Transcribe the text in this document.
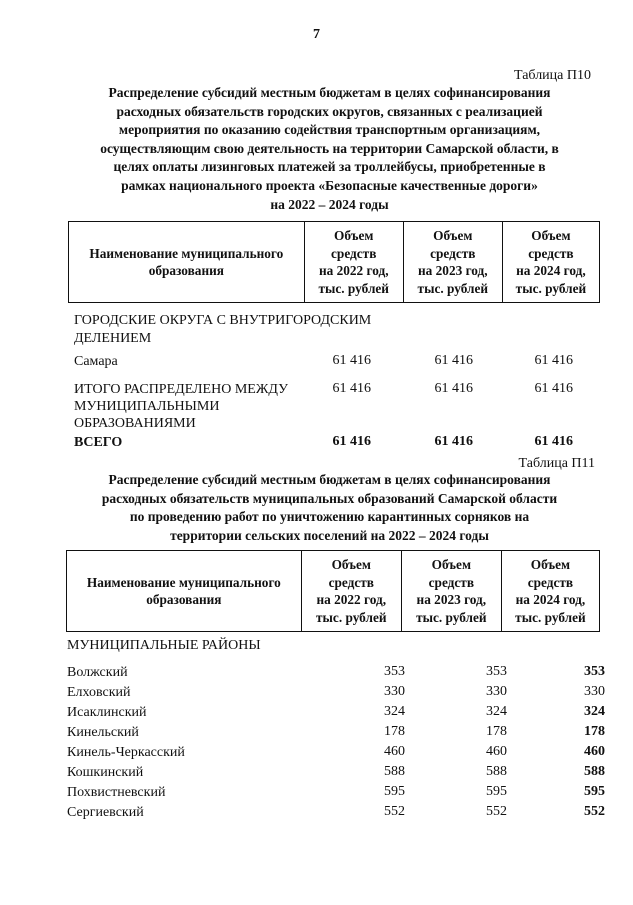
7
Таблица П10
Распределение субсидий местным бюджетам в целях софинансирования
расходных обязательств городских округов, связанных с реализацией
мероприятия по оказанию содействия транспортным организациям,
осуществляющим свою деятельность на территории Самарской области, в
целях оплаты лизинговых платежей за троллейбусы, приобретенные в
рамках национального проекта «Безопасные качественные дороги»
на 2022 – 2024 годы
Наименование муниципального
образования

Объем
средств
на 2022 год,
тыс. рублей

Объем
средств
на 2023 год,
тыс. рублей

Объем
средств
на 2024 год,
тыс. рублей
ГОРОДСКИЕ ОКРУГА С ВНУТРИГОРОДСКИМ
ДЕЛЕНИЕМ
Самара	61 416	61 416	61 416
ИТОГО РАСПРЕДЕЛЕНО МЕЖДУ
МУНИЦИПАЛЬНЫМИ
ОБРАЗОВАНИЯМИ
61 416	61 416	61 416
ВСЕГО	61 416	61 416	61 416
Таблица П11
Распределение субсидий местным бюджетам в целях софинансирования
расходных обязательств муниципальных образований Самарской области
по проведению работ по уничтожению карантинных сорняков на
территории сельских поселений на 2022 – 2024 годы
Наименование муниципального
образования

Объем
средств
на 2022 год,
тыс. рублей

Объем
средств
на 2023 год,
тыс. рублей

Объем
средств
на 2024 год,
тыс. рублей
МУНИЦИПАЛЬНЫЕ РАЙОНЫ
Волжский	353	353	353
Елховский	330	330	330
Исаклинский	324	324	324
Кинельский	178	178	178
Кинель-Черкасский	460	460	460
Кошкинский	588	588	588
Похвистневский	595	595	595
Сергиевский	552	552	552
